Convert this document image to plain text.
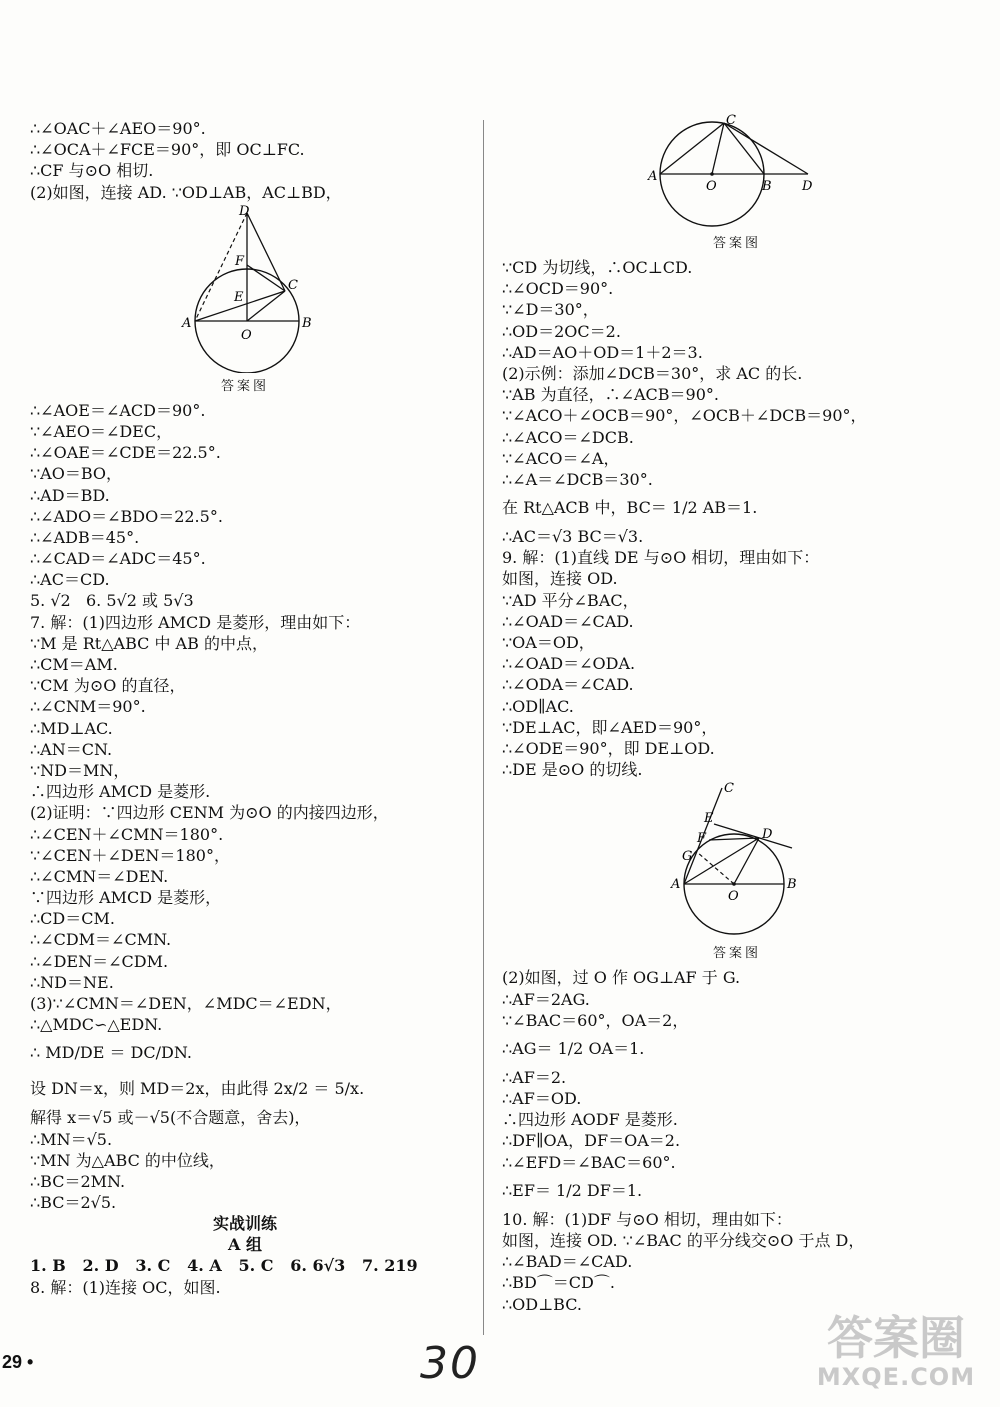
∴∠OAC＋∠AEO＝90°.
∴∠OCA＋∠FCE＝90°，即 OC⊥FC.
∴CF 与⊙O 相切.
(2)如图，连接 AD. ∵OD⊥AB，AC⊥BD，
D
F
E
C
A
O
B
答案图
∴∠AOE＝∠ACD＝90°.
∵∠AEO＝∠DEC，
∴∠OAE＝∠CDE＝22.5°.
∵AO＝BO，
∴AD＝BD.
∴∠ADO＝∠BDO＝22.5°.
∴∠ADB＝45°.
∴∠CAD＝∠ADC＝45°.
∴AC＝CD.
5. √2   6. 5√2 或 5√3
7. 解：(1)四边形 AMCD 是菱形，理由如下：
∵M 是 Rt△ABC 中 AB 的中点，
∴CM＝AM.
∵CM 为⊙O 的直径，
∴∠CNM＝90°.
∴MD⊥AC.
∴AN＝CN.
∵ND＝MN，
∴四边形 AMCD 是菱形.
(2)证明：∵四边形 CENM 为⊙O 的内接四边形，
∴∠CEN＋∠CMN＝180°.
∵∠CEN＋∠DEN＝180°，
∴∠CMN＝∠DEN.
∵四边形 AMCD 是菱形，
∴CD＝CM.
∴∠CDM＝∠CMN.
∴∠DEN＝∠CDM.
∴ND＝NE.
(3)∵∠CMN＝∠DEN，∠MDC＝∠EDN，
∴△MDC∽△EDN.
∴ MD/DE ＝ DC/DN.
设 DN＝x，则 MD＝2x，由此得 2x/2 ＝ 5/x.
解得 x＝√5 或－√5(不合题意，舍去)，
∴MN＝√5.
∵MN 为△ABC 的中位线，
∴BC＝2MN.
∴BC＝2√5.
实战训练
A 组
1. B   2. D   3. C   4. A   5. C   6. 6√3   7. 219
8. 解：(1)连接 OC，如图.
C
A
O	B D
答案图
∵CD 为切线，∴OC⊥CD.
∴∠OCD＝90°.
∵∠D＝30°，
∴OD＝2OC＝2.
∴AD＝AO＋OD＝1＋2＝3.
(2)示例：添加∠DCB＝30°，求 AC 的长.
∵AB 为直径，∴∠ACB＝90°.
∵∠ACO＋∠OCB＝90°，∠OCB＋∠DCB＝90°，
∴∠ACO＝∠DCB.
∵∠ACO＝∠A，
∴∠A＝∠DCB＝30°.
在 Rt△ACB 中，BC＝ 1/2 AB＝1.
∴AC＝√3 BC＝√3.
9. 解：(1)直线 DE 与⊙O 相切，理由如下：
如图，连接 OD.
∵AD 平分∠BAC，
∴∠OAD＝∠CAD.
∵OA＝OD，
∴∠OAD＝∠ODA.
∴∠ODA＝∠CAD.
∴OD∥AC.
∵DE⊥AC，即∠AED＝90°，
∴∠ODE＝90°，即 DE⊥OD.
∴DE 是⊙O 的切线.
C
E
F	D
G
A
O
B
答案图
(2)如图，过 O 作 OG⊥AF 于 G.
∴AF＝2AG.
∵∠BAC＝60°，OA＝2，
∴AG＝ 1/2 OA＝1.
∴AF＝2.
∴AF＝OD.
∴四边形 AODF 是菱形.
∴DF∥OA，DF＝OA＝2.
∴∠EFD＝∠BAC＝60°.
∴EF＝ 1/2 DF＝1.
10. 解：(1)DF 与⊙O 相切，理由如下：
如图，连接 OD. ∵∠BAC 的平分线交⊙O 于点 D，
∴∠BAD＝∠CAD.
∴BD⌒＝CD⌒.
∴OD⊥BC.
29 •	30	答案圈
MXQE.COM
